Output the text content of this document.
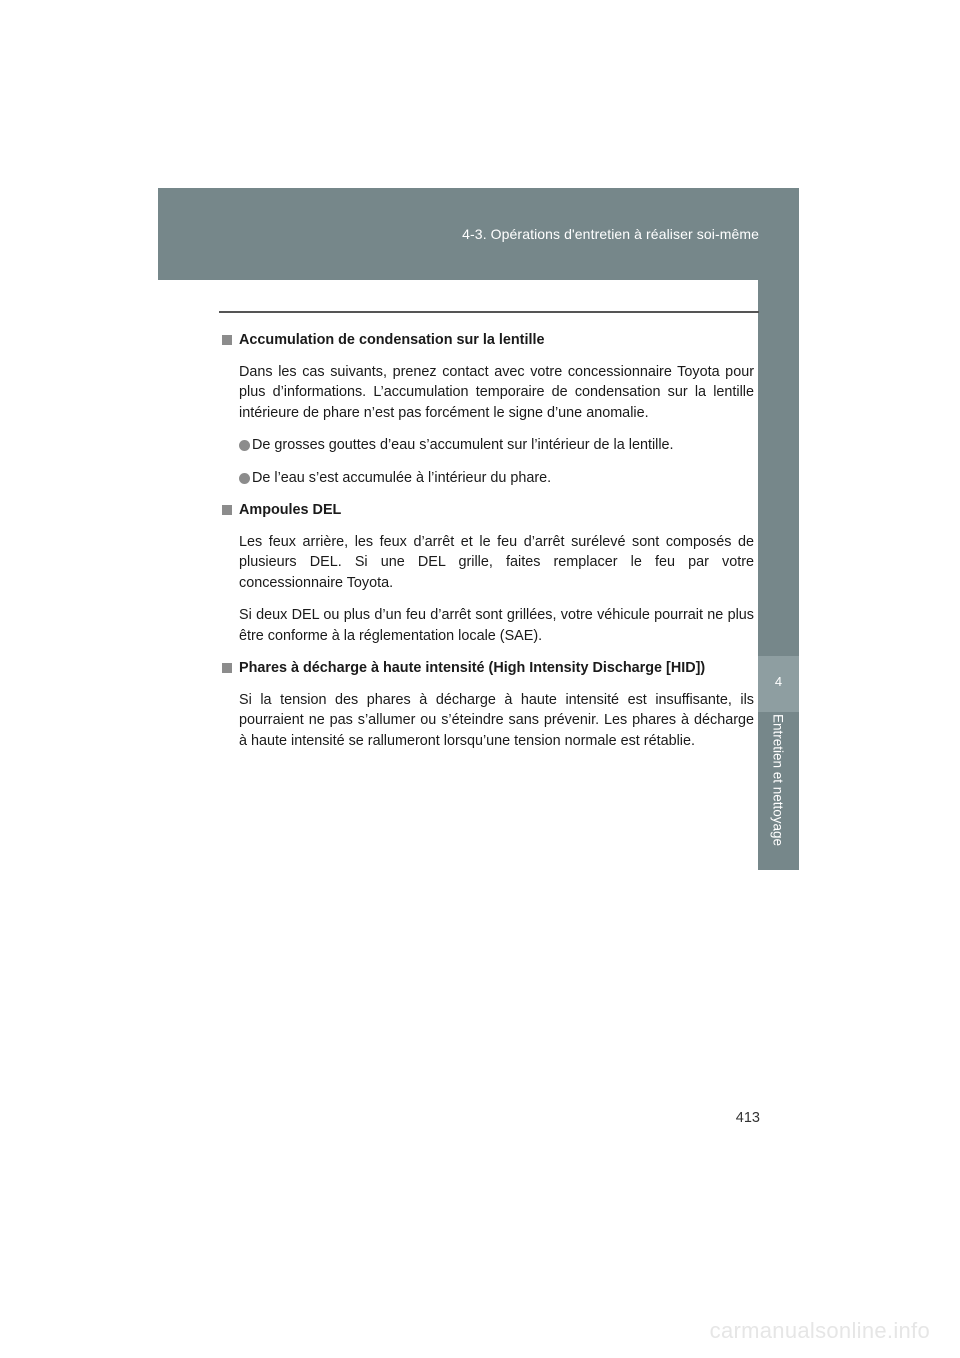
4-3. Opérations d'entretien à réaliser soi-même
4
Entretien et nettoyage
Accumulation de condensation sur la lentille

Dans les cas suivants, prenez contact avec votre concessionnaire Toyota pour plus d’informations. L’accumulation temporaire de condensation sur la lentille intérieure de phare n’est pas forcément le signe d’une anomalie.

De grosses gouttes d’eau s’accumulent sur l’intérieur de la lentille.
De l’eau s’est accumulée à l’intérieur du phare.
Ampoules DEL

Les feux arrière, les feux d’arrêt et le feu d’arrêt surélevé sont composés de plusieurs DEL. Si une DEL grille, faites remplacer le feu par votre concessionnaire Toyota.

Si deux DEL ou plus d’un feu d’arrêt sont grillées, votre véhicule pourrait ne plus être conforme à la réglementation locale (SAE).

Phares à décharge à haute intensité (High Intensity Discharge [HID])

Si la tension des phares à décharge à haute intensité est insuffisante, ils pourraient ne pas s’allumer ou s’éteindre sans prévenir. Les phares à décharge à haute intensité se rallumeront lorsqu’une tension normale est rétablie.

413
carmanualsonline.info
